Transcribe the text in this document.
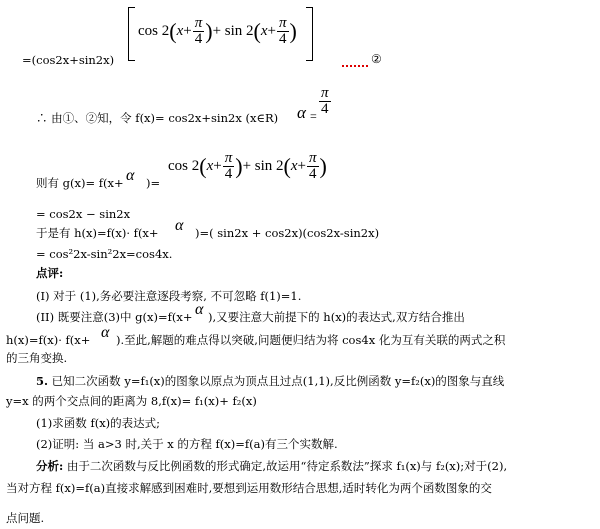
=(cos2x+sin2x)
$\cos 2(x+ \frac{\pi}{4}$ )+ $\sin 2(x+ \frac{\pi}{4}$ )
②
∴ 由①、②知，令 f(x)= cos2x+sin2x (x∈R) $\alpha = \frac{\pi}{4}$
$\cos 2(x+ \frac{\pi}{4}$ )+ $\sin 2(x+ \frac{\pi}{4}$ )
则有 g(x)= f(x+ α )=
= cos2x − sin2x
于是有 h(x)=f(x)· f(x+ α )=( sin2x + cos2x)(cos2x-sin2x)
= cos²2x-sin²2x=cos4x.
点评:
(I) 对于 (1),务必要注意逐段考察, 不可忽略 f(1)=1.
(II) 既要注意(3)中 g(x)=f(x+ α ),又要注意大前提下的 h(x)的表达式,双方结合推出
h(x)=f(x)· f(x+ α ).至此,解题的难点得以突破,问题便归结为将 cos4x 化为互有关联的两式之积
的三角变换.
5. 已知二次函数 y=f₁(x)的图象以原点为顶点且过点(1,1),反比例函数 y=f₂(x)的图象与直线
y=x 的两个交点间的距离为 8,f(x)= f₁(x)+ f₂(x)
(1)求函数 f(x)的表达式;
(2)证明: 当 a>3 时,关于 x 的方程 f(x)=f(a)有三个实数解.
分析: 由于二次函数与反比例函数的形式确定,故运用“待定系数法”探求 f₁(x)与 f₂(x);对于(2),
当对方程 f(x)=f(a)直接求解感到困难时,要想到运用数形结合思想,适时转化为两个函数图象的交
点问题.
